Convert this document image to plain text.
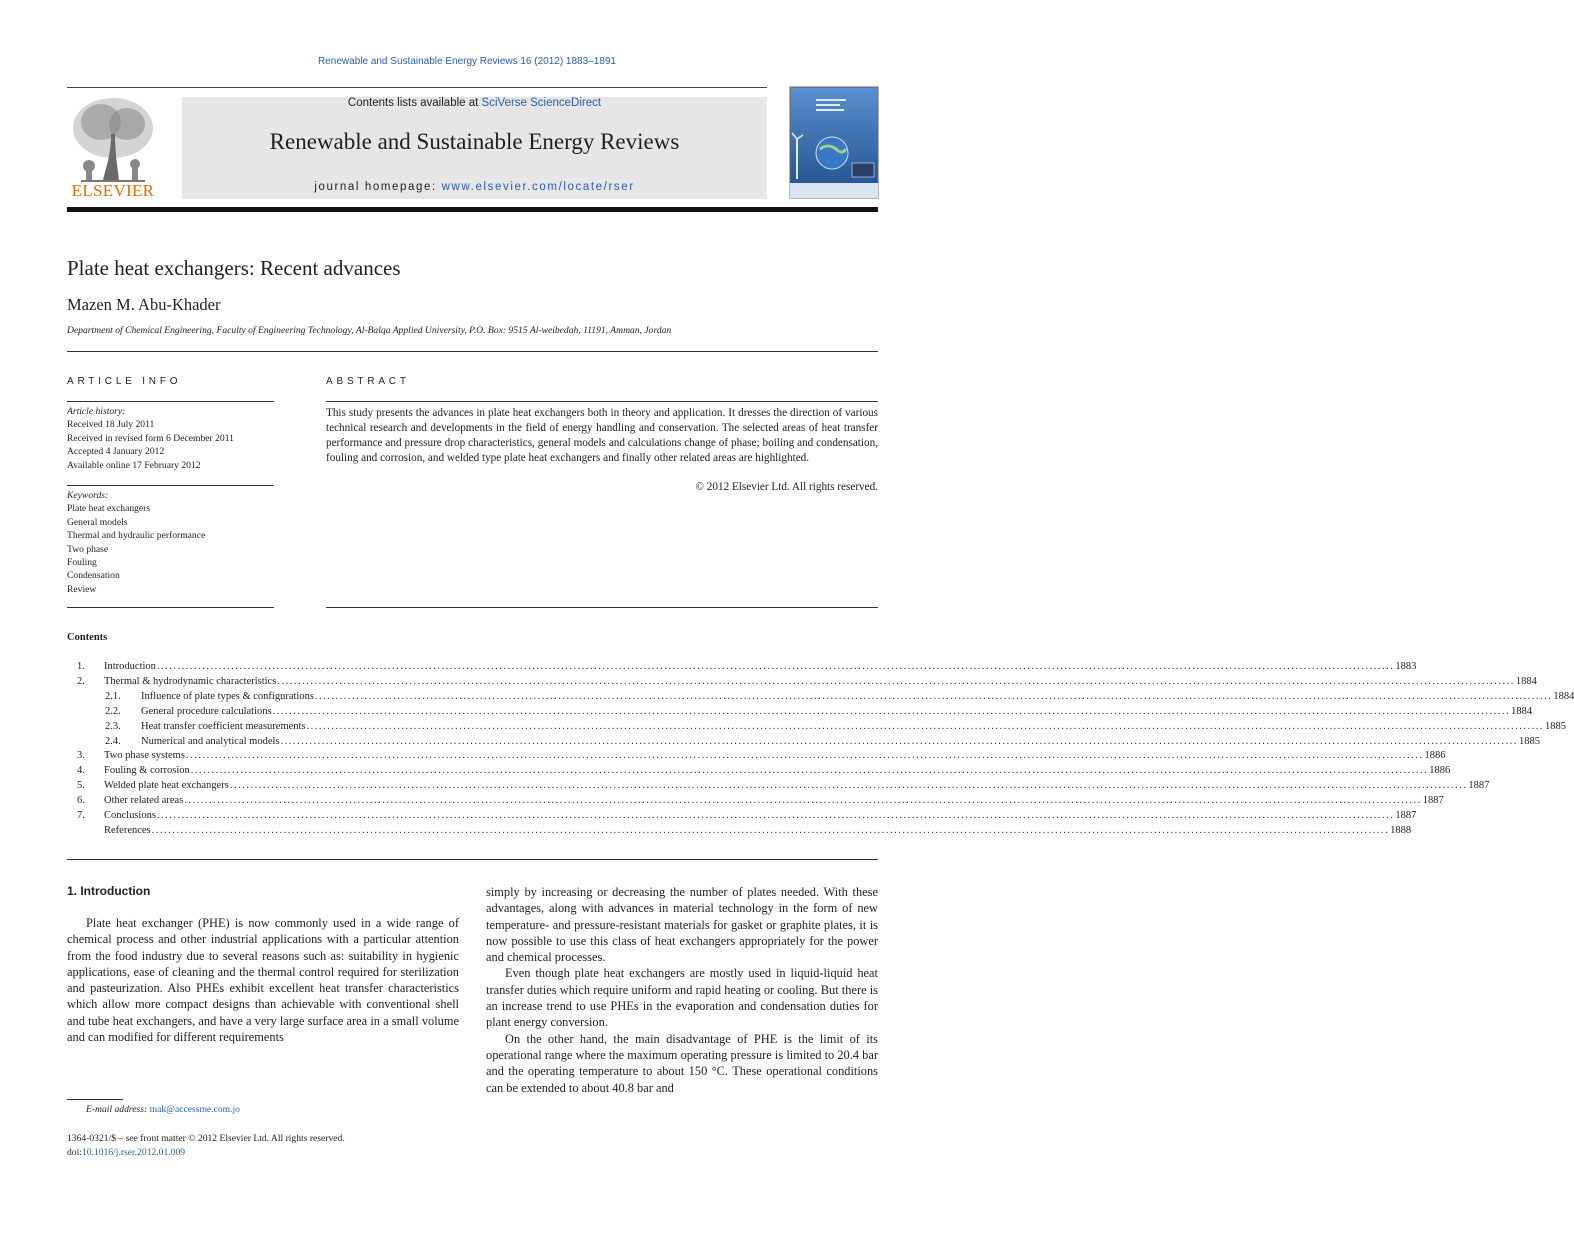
Renewable and Sustainable Energy Reviews 16 (2012) 1883–1891
ELSEVIER
Contents lists available at SciVerse ScienceDirect
Renewable and Sustainable Energy Reviews
journal homepage: www.elsevier.com/locate/rser
Plate heat exchangers: Recent advances
Mazen M. Abu-Khader
Department of Chemical Engineering, Faculty of Engineering Technology, Al-Balqa Applied University, P.O. Box: 9515 Al-weibedah, 11191, Amman, Jordan
ARTICLE INFO
Article history:
Received 18 July 2011
Received in revised form 6 December 2011
Accepted 4 January 2012
Available online 17 February 2012
Keywords:
Plate heat exchangers
General models
Thermal and hydraulic performance
Two phase
Fouling
Condensation
Review
ABSTRACT
This study presents the advances in plate heat exchangers both in theory and application. It dresses the direction of various technical research and developments in the field of energy handling and conservation. The selected areas of heat transfer performance and pressure drop characteristics, general models and calculations change of phase; boiling and condensation, fouling and corrosion, and welded type plate heat exchangers and finally other related areas are highlighted.
© 2012 Elsevier Ltd. All rights reserved.
Contents
1.	Introduction ............................................................................................................................................................................................................................................................................................................ 1883
2.	Thermal & hydrodynamic characteristics ............................................................................................................................................................................................................................................................................................................ 1884
2.1.	Influence of plate types & configurations ............................................................................................................................................................................................................................................................................................................ 1884
2.2.	General procedure calculations ............................................................................................................................................................................................................................................................................................................ 1884
2.3.	Heat transfer coefficient measurements ............................................................................................................................................................................................................................................................................................................ 1885
2.4.	Numerical and analytical models ............................................................................................................................................................................................................................................................................................................ 1885
3.	Two phase systems ............................................................................................................................................................................................................................................................................................................ 1886
4.	Fouling & corrosion ............................................................................................................................................................................................................................................................................................................ 1886
5.	Welded plate heat exchangers ............................................................................................................................................................................................................................................................................................................ 1887
6.	Other related areas ............................................................................................................................................................................................................................................................................................................ 1887
7.	Conclusions ............................................................................................................................................................................................................................................................................................................ 1887
References ............................................................................................................................................................................................................................................................................................................ 1888
1. Introduction

Plate heat exchanger (PHE) is now commonly used in a wide range of chemical process and other industrial applications with a particular attention from the food industry due to several reasons such as: suitability in hygienic applications, ease of cleaning and the thermal control required for sterilization and pasteurization. Also PHEs exhibit excellent heat transfer characteristics which allow more compact designs than achievable with conventional shell and tube heat exchangers, and have a very large surface area in a small volume and can modified for different requirements

simply by increasing or decreasing the number of plates needed. With these advantages, along with advances in material technology in the form of new temperature- and pressure-resistant materials for gasket or graphite plates, it is now possible to use this class of heat exchangers appropriately for the power and chemical processes.

Even though plate heat exchangers are mostly used in liquid-liquid heat transfer duties which require uniform and rapid heating or cooling. But there is an increase trend to use PHEs in the evaporation and condensation duties for plant energy conversion.

On the other hand, the main disadvantage of PHE is the limit of its operational range where the maximum operating pressure is limited to 20.4 bar and the operating temperature to about 150 °C. These operational conditions can be extended to about 40.8 bar and

E-mail address: mak@accessme.com.jo
1364-0321/$ – see front matter © 2012 Elsevier Ltd. All rights reserved.
doi:10.1016/j.rser.2012.01.009
